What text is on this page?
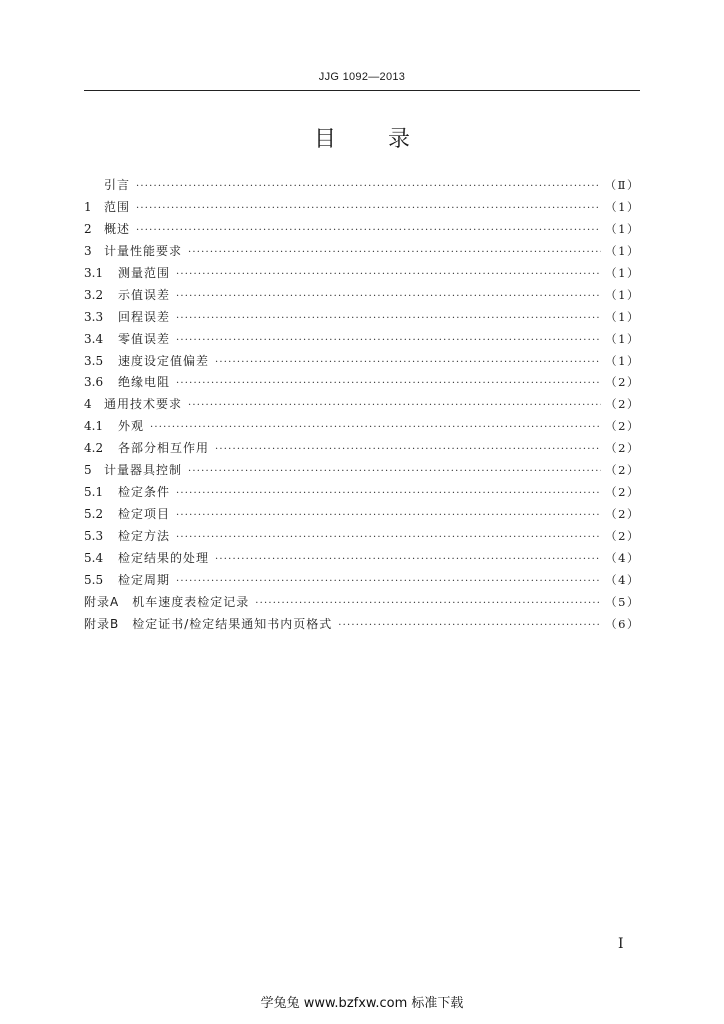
JJG 1092—2013
目录
引言 ·····	（Ⅱ）
1	范围 ·····	（1）
2	概述 ·····	（1）
3	计量性能要求 ·····	（1）
3.1	测量范围 ·····	（1）
3.2	示值误差 ·····	（1）
3.3	回程误差 ·····	（1）
3.4	零值误差 ·····	（1）
3.5	速度设定值偏差 ·····	（1）
3.6	绝缘电阻 ·····	（2）
4	通用技术要求 ·····	（2）
4.1	外观 ·····	（2）
4.2	各部分相互作用 ·····	（2）
5	计量器具控制 ·····	（2）
5.1	检定条件 ·····	（2）
5.2	检定项目 ·····	（2）
5.3	检定方法 ·····	（2）
5.4	检定结果的处理 ·····	（4）
5.5	检定周期 ·····	（4）
附录A　机车速度表检定记录 ·····	（5）
附录B　检定证书/检定结果通知书内页格式 ·····	（6）
Ⅰ
学兔兔 www.bzfxw.com 标准下载
